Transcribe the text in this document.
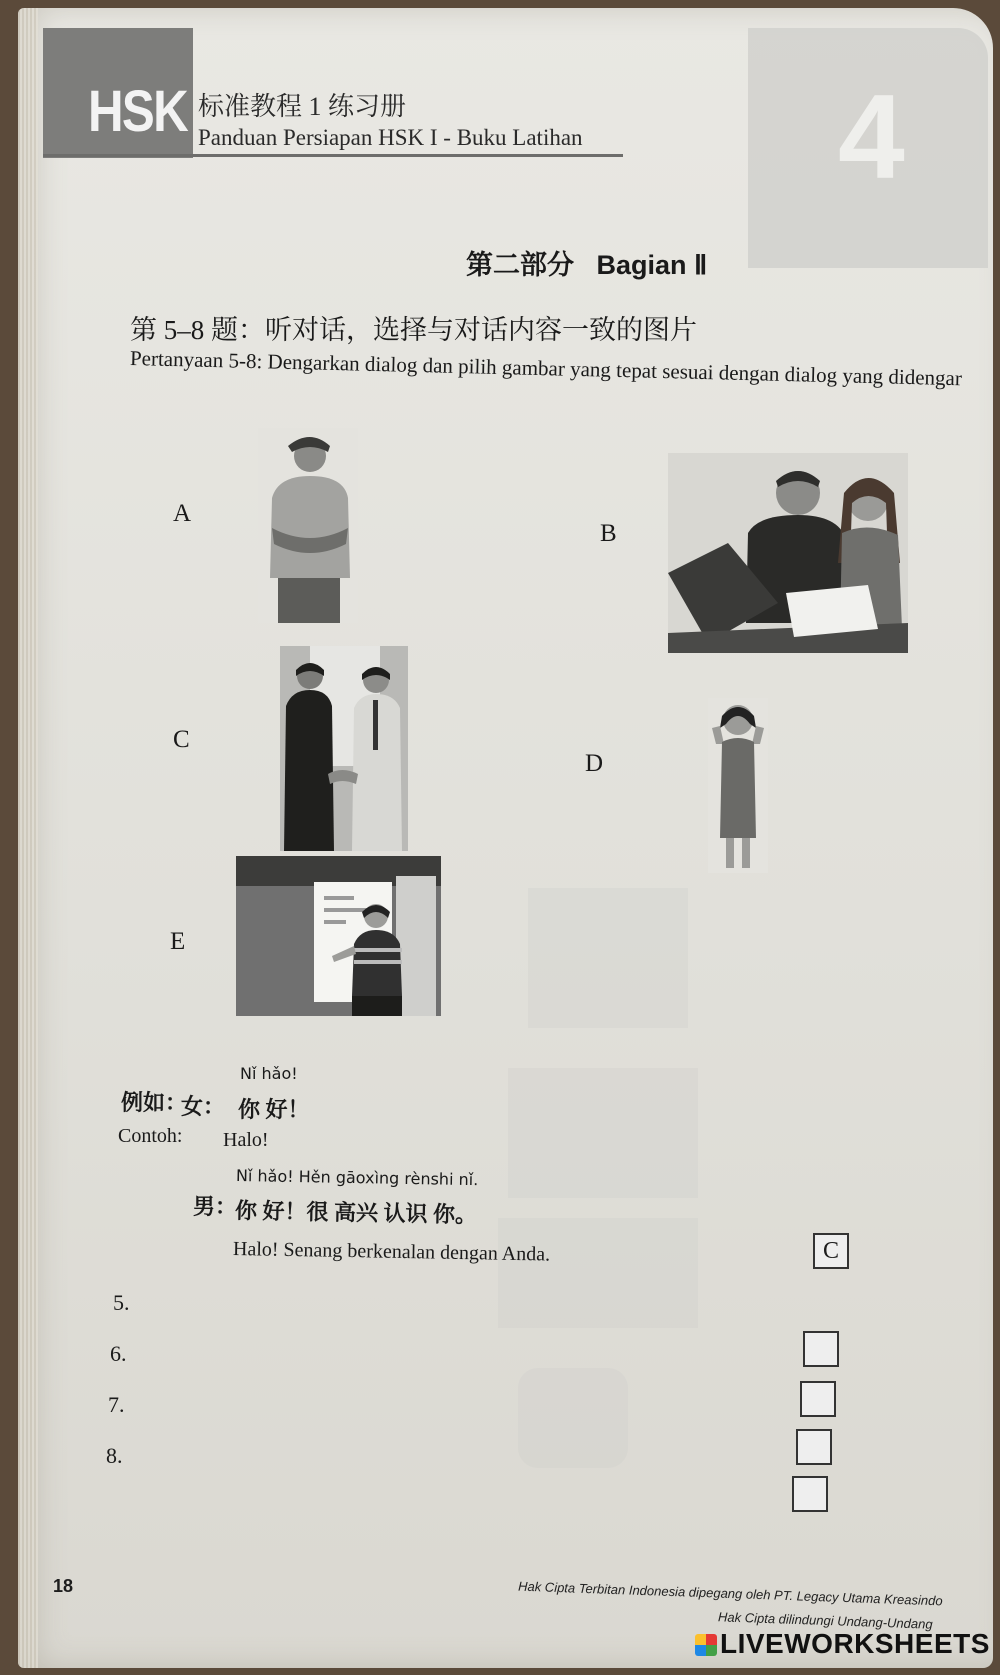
HSK 标准教程 1 练习册
Panduan Persiapan HSK I - Buku Latihan 4
第二部分 Bagian Ⅱ
第 5–8 题：听对话，选择与对话内容一致的图片
Pertanyaan 5-8: Dengarkan dialog dan pilih gambar yang tepat sesuai dengan dialog yang didengar
A
B
C
D
E
Nǐ hǎo!
例如：
女： 你 好！
Contoh: Halo!
Nǐ hǎo! Hěn gāoxìng rènshi nǐ.
男：
你 好！很 高兴 认识 你。
Halo! Senang berkenalan dengan Anda.	C
5.
6.
7.
8.
18	Hak Cipta Terbitan Indonesia dipegang oleh PT. Legacy Utama Kreasindo
Hak Cipta dilindungi Undang-Undang
LIVEWORKSHEETS
